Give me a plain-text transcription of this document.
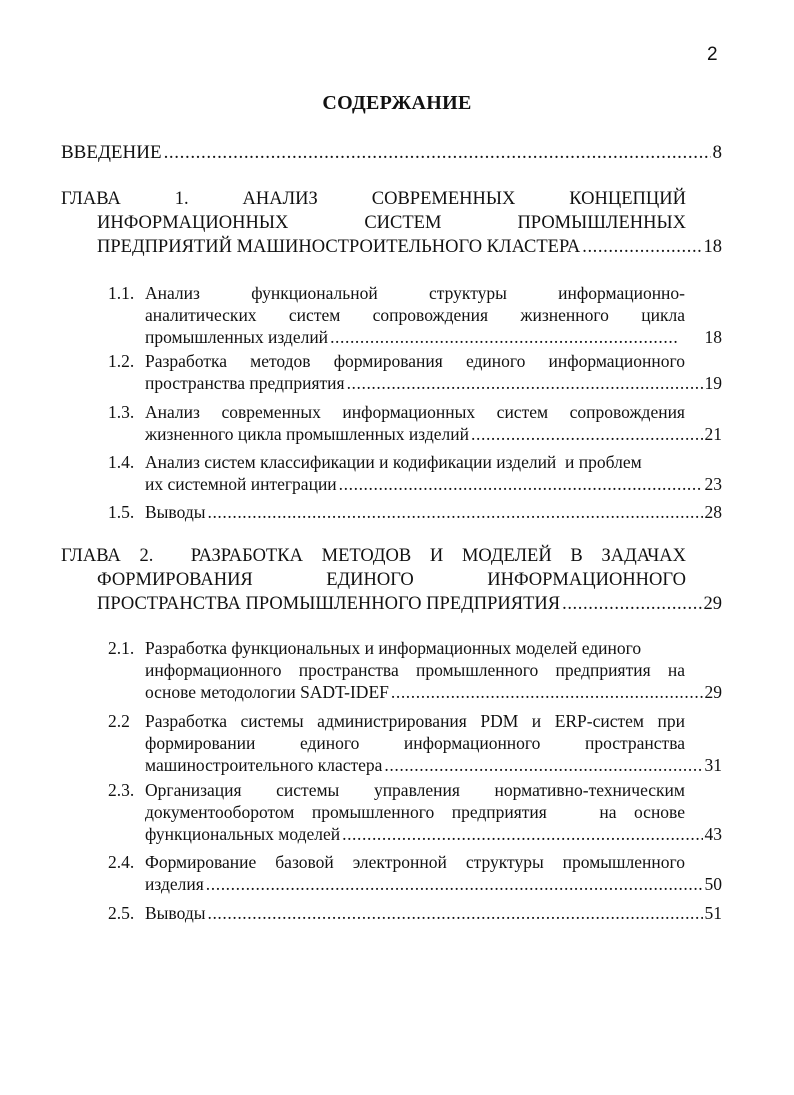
2
СОДЕРЖАНИЕ
ВВЕДЕНИЕ .....	8
ГЛАВА 1. АНАЛИЗ СОВРЕМЕННЫХ КОНЦЕПЦИЙ
ИНФОРМАЦИОННЫХ СИСТЕМ ПРОМЫШЛЕННЫХ
ПРЕДПРИЯТИЙ МАШИНОСТРОИТЕЛЬНОГО КЛАСТЕРА .....	18
1.1. Анализ функциональной структуры информационно-
аналитических систем сопровождения жизненного цикла
промышленных изделий .....	18
1.2. Разработка методов формирования единого информационного
пространства предприятия .....	19
1.3. Анализ современных информационных систем сопровождения
жизненного цикла промышленных изделий .....	21
1.4. Анализ систем классификации и кодификации изделий  и проблем
их системной интеграции .....	23
1.5. Выводы .....	28
ГЛАВА 2.  РАЗРАБОТКА МЕТОДОВ И МОДЕЛЕЙ В ЗАДАЧАХ
ФОРМИРОВАНИЯ ЕДИНОГО ИНФОРМАЦИОННОГО
ПРОСТРАНСТВА ПРОМЫШЛЕННОГО ПРЕДПРИЯТИЯ .....	29
2.1. Разработка функциональных и информационных моделей единого
информационного пространства промышленного предприятия на
основе методологии SADT-IDEF .....	29
2.2 Разработка системы администрирования PDM и ERP-систем при
формировании единого информационного пространства
машиностроительного кластера .....	31
2.3. Организация системы управления нормативно-техническим
документооборотом промышленного предприятия   на основе
функциональных моделей .....	43
2.4. Формирование базовой электронной структуры промышленного
изделия .....	50
2.5. Выводы .....	51
